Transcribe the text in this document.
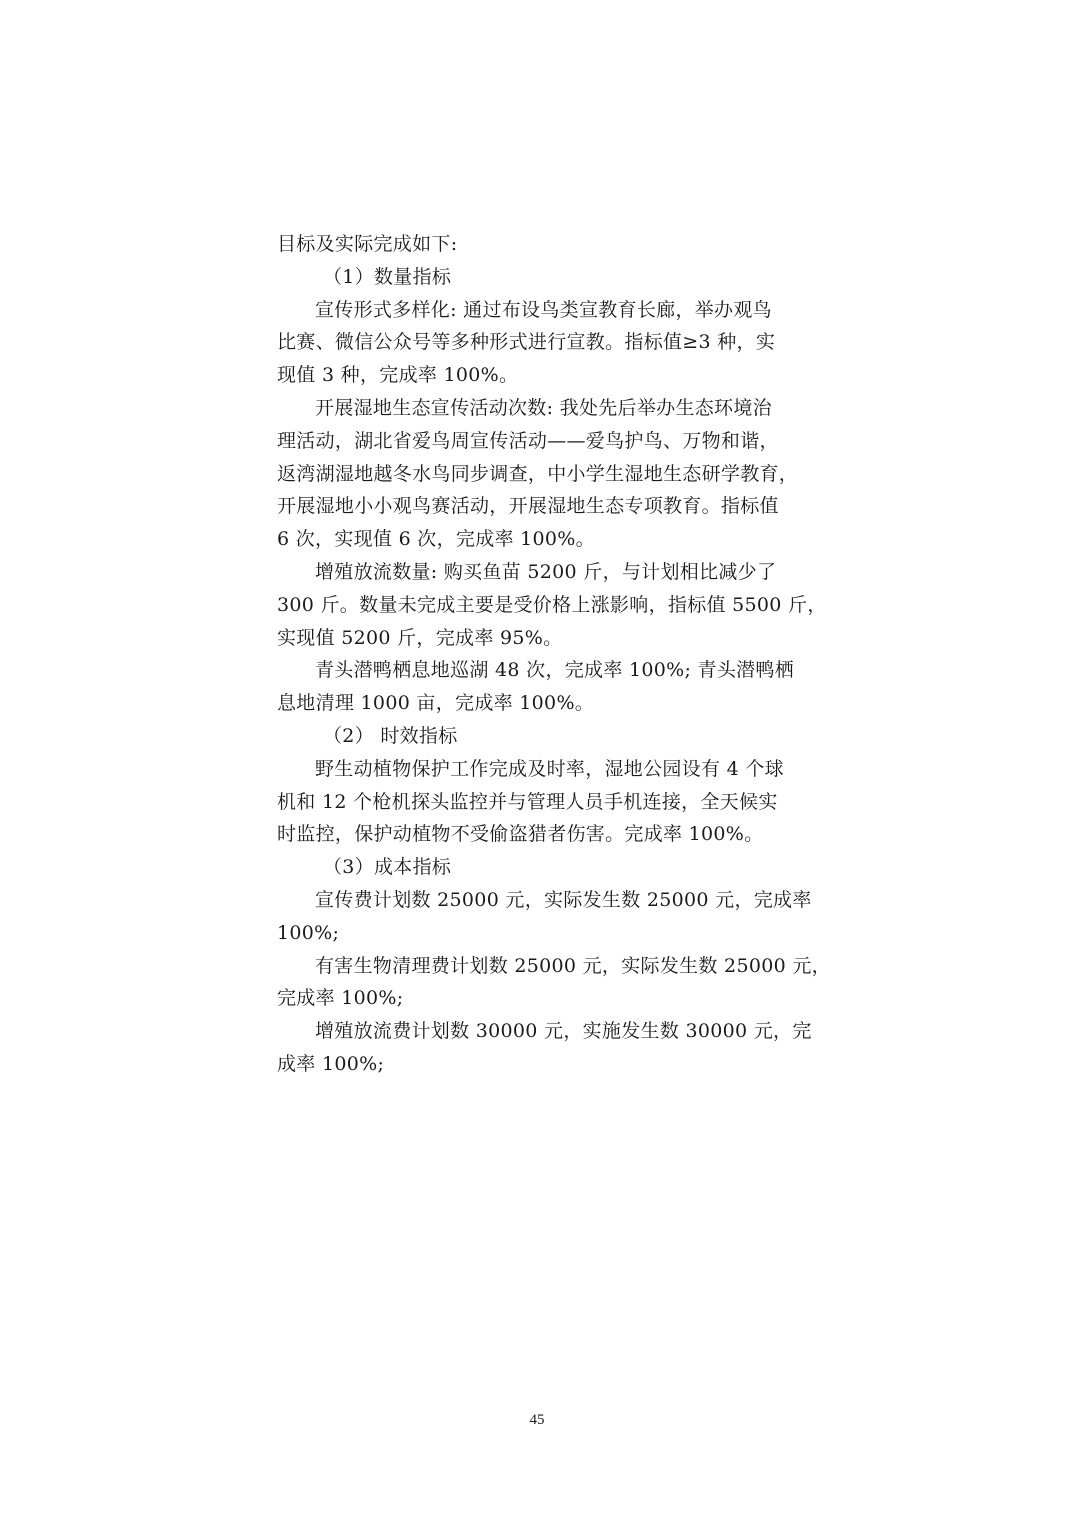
目标及实际完成如下:
（1）数量指标
宣传形式多样化: 通过布设鸟类宣教育长廊，举办观鸟
比赛、微信公众号等多种形式进行宣教。指标值≥3 种，实
现值 3 种，完成率 100%。
开展湿地生态宣传活动次数: 我处先后举办生态环境治
理活动，湖北省爱鸟周宣传活动——爱鸟护鸟、万物和谐，
返湾湖湿地越冬水鸟同步调查，中小学生湿地生态研学教育，
开展湿地小小观鸟赛活动，开展湿地生态专项教育。指标值
6 次，实现值 6 次，完成率 100%。
增殖放流数量: 购买鱼苗 5200 斤，与计划相比减少了
300 斤。数量未完成主要是受价格上涨影响，指标值 5500 斤，
实现值 5200 斤，完成率 95%。
青头潜鸭栖息地巡湖 48 次，完成率 100%; 青头潜鸭栖
息地清理 1000 亩，完成率 100%。
（2） 时效指标
野生动植物保护工作完成及时率，湿地公园设有 4 个球
机和 12 个枪机探头监控并与管理人员手机连接，全天候实
时监控，保护动植物不受偷盗猎者伤害。完成率 100%。
（3）成本指标
宣传费计划数 25000 元，实际发生数 25000 元，完成率
100%;
有害生物清理费计划数 25000 元，实际发生数 25000 元，
完成率 100%;
增殖放流费计划数 30000 元，实施发生数 30000 元，完
成率 100%;
45
